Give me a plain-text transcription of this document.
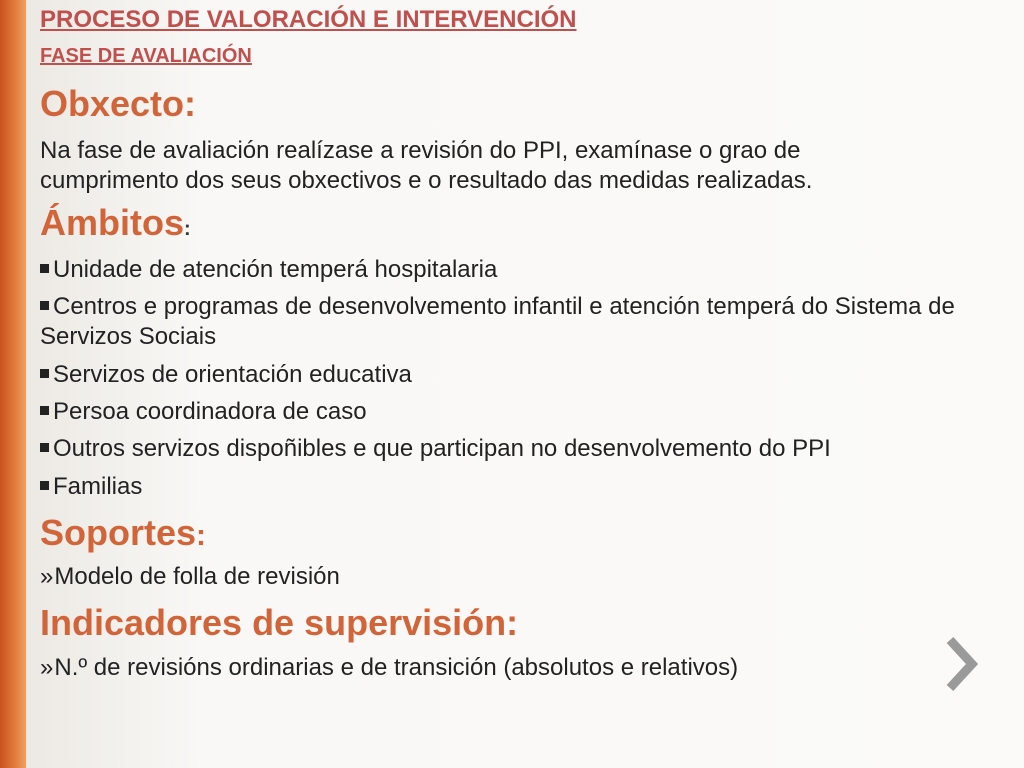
PROCESO DE VALORACIÓN E INTERVENCIÓN

FASE DE AVALIACIÓN

Obxecto:

Na fase de avaliación realízase a revisión do PPI, examínase o grao de cumprimento dos seus obxectivos e o resultado das medidas realizadas.

Ámbitos:

Unidade de atención temperá hospitalaria

Centros e programas de desenvolvemento infantil e atención temperá do Sistema de Servizos Sociais

Servizos de orientación educativa

Persoa coordinadora de caso

Outros servizos dispoñibles e que participan no desenvolvemento do PPI

Familias

Soportes:

»Modelo de folla de revisión

Indicadores de supervisión:

»N.º de revisións ordinarias e de transición (absolutos e relativos)
